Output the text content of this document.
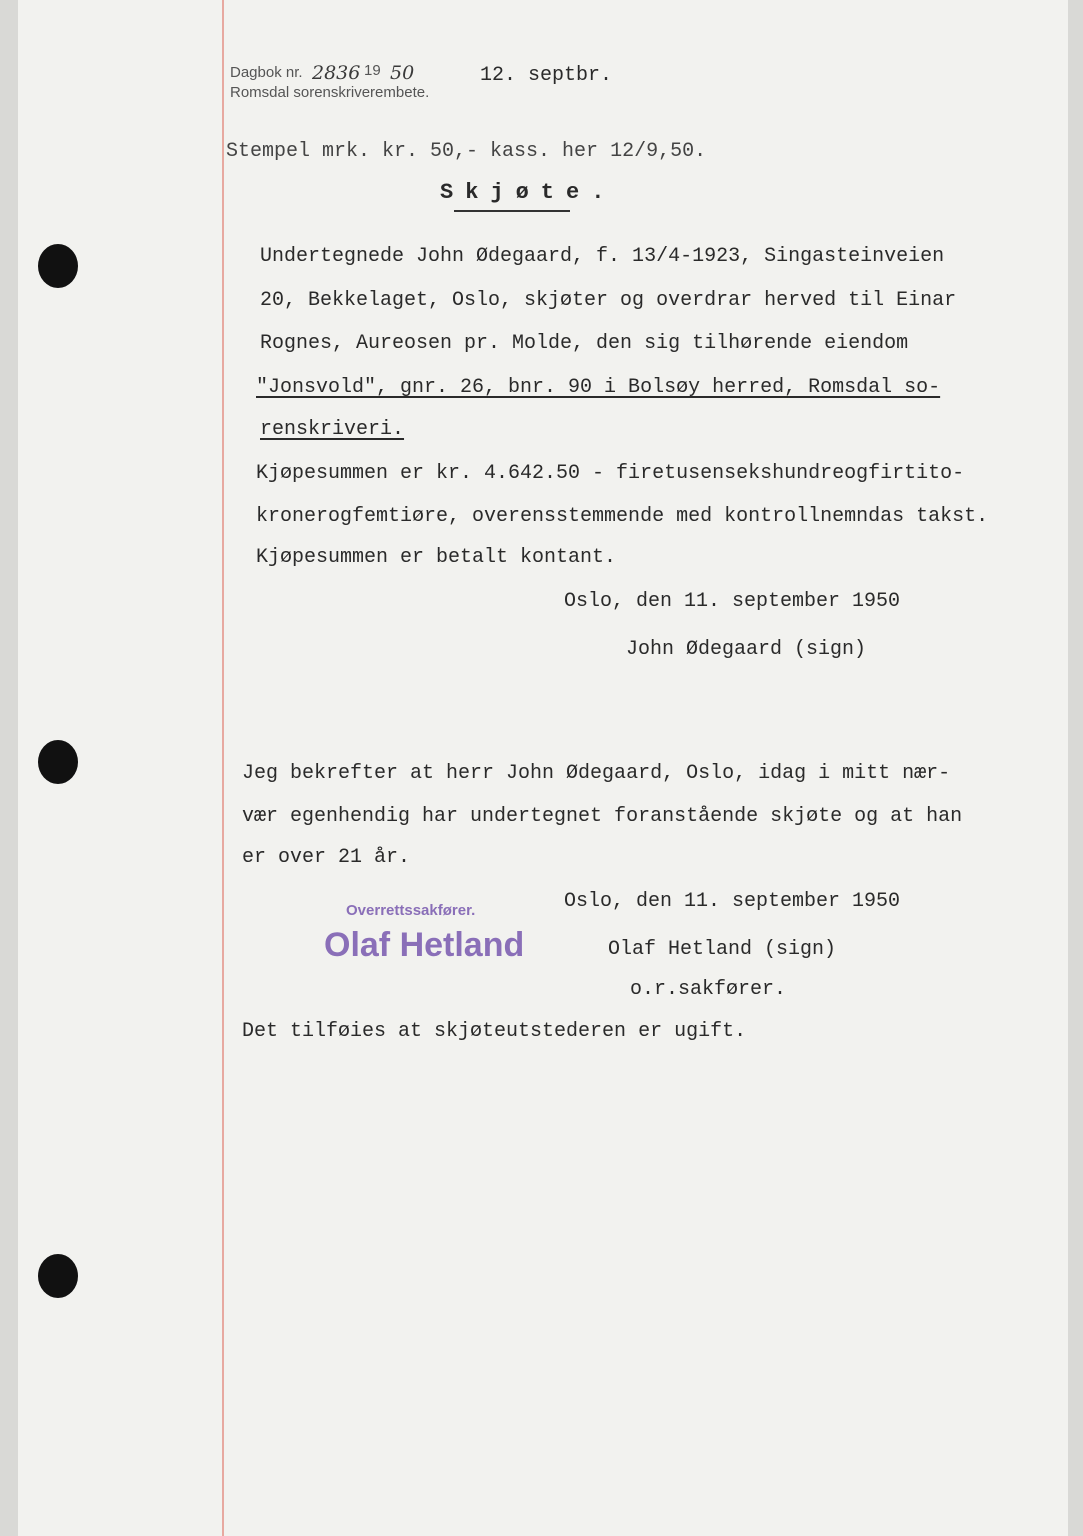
Dagbok nr. 2836 19 50	12. septbr.
Romsdal sorenskriverembete.
Stempel mrk. kr. 50,- kass. her 12/9,50.
Skjøte.
Undertegnede John Ødegaard, f. 13/4-1923, Singasteinveien
20, Bekkelaget, Oslo, skjøter og overdrar herved til Einar
Rognes, Aureosen pr. Molde, den sig tilhørende eiendom
"Jonsvold", gnr. 26, bnr. 90 i Bolsøy herred, Romsdal so-
renskriveri.
Kjøpesummen er kr. 4.642.50 - firetusensekshundreogfirtito-
kronerogfemtiøre, overensstemmende med kontrollnemndas takst.
Kjøpesummen er betalt kontant.
Oslo, den 11. september 1950
John Ødegaard (sign)
Jeg bekrefter at herr John Ødegaard, Oslo, idag i mitt nær-
vær egenhendig har undertegnet foranstående skjøte og at han
er over 21 år.
Oslo, den 11. september 1950
Olaf Hetland (sign)
o.r.sakfører.
Overrettssakfører.
Olaf Hetland
Det tilføies at skjøteutstederen er ugift.
